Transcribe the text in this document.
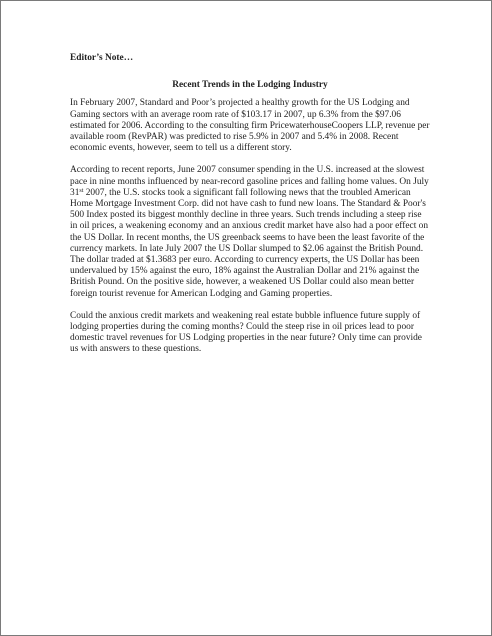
Editor’s Note…
Recent Trends in the Lodging Industry

In February 2007, Standard and Poor’s projected a healthy growth for the US Lodging and Gaming sectors with an average room rate of $103.17 in 2007, up 6.3% from the $97.06 estimated for 2006. According to the consulting firm PricewaterhouseCoopers LLP, revenue per available room (RevPAR) was predicted to rise 5.9% in 2007 and 5.4% in 2008. Recent economic events, however, seem to tell us a different story.

According to recent reports, June 2007 consumer spending in the U.S. increased at the slowest pace in nine months influenced by near-record gasoline prices and falling home values. On July 31st 2007, the U.S. stocks took a significant fall following news that the troubled American Home Mortgage Investment Corp. did not have cash to fund new loans. The Standard & Poor's 500 Index posted its biggest monthly decline in three years. Such trends including a steep rise in oil prices, a weakening economy and an anxious credit market have also had a poor effect on the US Dollar. In recent months, the US greenback seems to have been the least favorite of the currency markets. In late July 2007 the US Dollar slumped to $2.06 against the British Pound. The dollar traded at $1.3683 per euro. According to currency experts, the US Dollar has been undervalued by 15% against the euro, 18% against the Australian Dollar and 21% against the British Pound. On the positive side, however, a weakened US Dollar could also mean better foreign tourist revenue for American Lodging and Gaming properties.

Could the anxious credit markets and weakening real estate bubble influence future supply of lodging properties during the coming months? Could the steep rise in oil prices lead to poor domestic travel revenues for US Lodging properties in the near future? Only time can provide us with answers to these questions.
